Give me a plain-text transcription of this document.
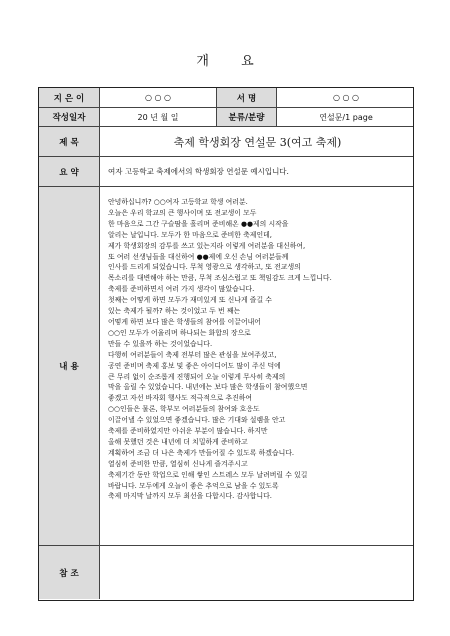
개 요
지 은 이	○ ○ ○	서 명	○ ○ ○
작성일자	20 년 월 일	분류/분량	연설문/1 page
제 목	축제 학생회장 연설문 3(여고 축제)
요 약	여자 고등학교 축제에서의 학생회장 연설문 예시입니다.
내 용
안녕하십니까? ○○여자 고등학교 학생 여러분.
오늘은 우리 학교의 큰 행사이며 또 전교생이 모두
한 마음으로 그간 구슬땀을 흘리며 준비해온 ●●제의 시작을
알리는 날입니다. 모두가 한 마음으로 준비한 축제인데,
제가 학생회장의 감투를 쓰고 있는지라 이렇게 여러분을 대신하여,
또 여러 선생님들을 대신하여 ●●제에 오신 손님 여러분들께
인사를 드리게 되었습니다. 무척 영광으로 생각하고, 또 전교생의
목소리를 대변해야 하는 만큼, 무척 조심스럽고 또 책임감도 크게 느낍니다.
축제를 준비하면서 여러 가지 생각이 많았습니다.
첫째는 어떻게 하면 모두가 재미있게 또 신나게 즐길 수
있는 축제가 될까? 하는 것이었고 두 번 째는
어떻게 하면 보다 많은 학생들의 참여를 이끌어내어
○○인 모두가 어울리며 하나되는 화합의 장으로
만들 수 있을까 하는 것이었습니다.
다행히 여러분들이 축제 전부터 많은 관심을 보여주셨고,
공연 준비며 축제 홍보 및 좋은 아이디어도 많이 주신 덕에
큰 무리 없이 순조롭게 진행되어 오늘 이렇게 무사히 축제의
막을 올릴 수 있었습니다. 내년에는 보다 많은 학생들이 참여했으면
좋겠고 자선 바자회 행사도 적극적으로 추진하여
○○인들은 물론, 학부모 여러분들의 참여와 호응도
이끌어낼 수 있었으면 좋겠습니다. 많은 기대와 설렘을 안고
축제를 준비하였지만 아쉬운 부분이 많습니다. 하지만
올해 못했던 것은 내년에 더 치밀하게 준비하고
계획하여 조금 더 나은 축제가 만들어질 수 있도록 하겠습니다.
열심히 준비한 만큼, 열심히 신나게 즐겨주시고
축제기간 동안 학업으로 인해 쌓인 스트레스 모두 날려버릴 수 있길
바랍니다. 모두에게 오늘이 좋은 추억으로 남을 수 있도록
축제 마지막 날까지 모두 최선을 다합시다. 감사합니다.
참 조
